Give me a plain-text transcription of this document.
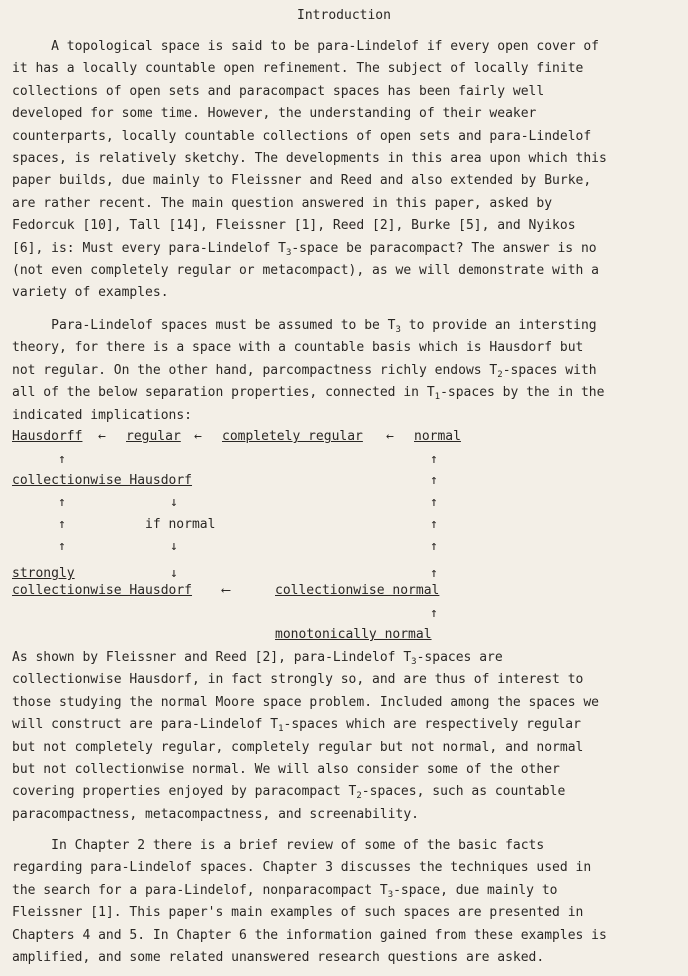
Introduction
A topological space is said to be para-Lindelof if every open cover of
it has a locally countable open refinement. The subject of locally finite
collections of open sets and paracompact spaces has been fairly well
developed for some time. However, the understanding of their weaker
counterparts, locally countable collections of open sets and para-Lindelof
spaces, is relatively sketchy. The developments in this area upon which this
paper builds, due mainly to Fleissner and Reed and also extended by Burke,
are rather recent. The main question answered in this paper, asked by
Fedorcuk [10], Tall [14], Fleissner [1], Reed [2], Burke [5], and Nyikos
[6], is: Must every para-Lindelof $T_3$-space be paracompact? The answer is no
(not even completely regular or metacompact), as we will demonstrate with a
variety of examples.
Para-Lindelof spaces must be assumed to be $T_3$ to provide an intersting
theory, for there is a space with a countable basis which is Hausdorf but
not regular. On the other hand, parcompactness richly endows $T_2$-spaces with
all of the below separation properties, connected in $T_1$-spaces by the in the
indicated implications:
Hausdorff ← regular ← completely regular ← normal
↑	↑
collectionwise Hausdorf	↑
↑	↓	↑
↑	if normal	↑
↑	↓	↑
strongly	↓	↑
collectionwise Hausdorf ⟵	collectionwise normal
↑
monotonically normal
As shown by Fleissner and Reed [2], para-Lindelof $T_3$-spaces are
collectionwise Hausdorf, in fact strongly so, and are thus of interest to
those studying the normal Moore space problem. Included among the spaces we
will construct are para-Lindelof $T_1$-spaces which are respectively regular
but not completely regular, completely regular but not normal, and normal
but not collectionwise normal. We will also consider some of the other
covering properties enjoyed by paracompact $T_2$-spaces, such as countable
paracompactness, metacompactness, and screenability.
In Chapter 2 there is a brief review of some of the basic facts
regarding para-Lindelof spaces. Chapter 3 discusses the techniques used in
the search for a para-Lindelof, nonparacompact $T_3$-space, due mainly to
Fleissner [1]. This paper's main examples of such spaces are presented in
Chapters 4 and 5. In Chapter 6 the information gained from these examples is
amplified, and some related unanswered research questions are asked.
